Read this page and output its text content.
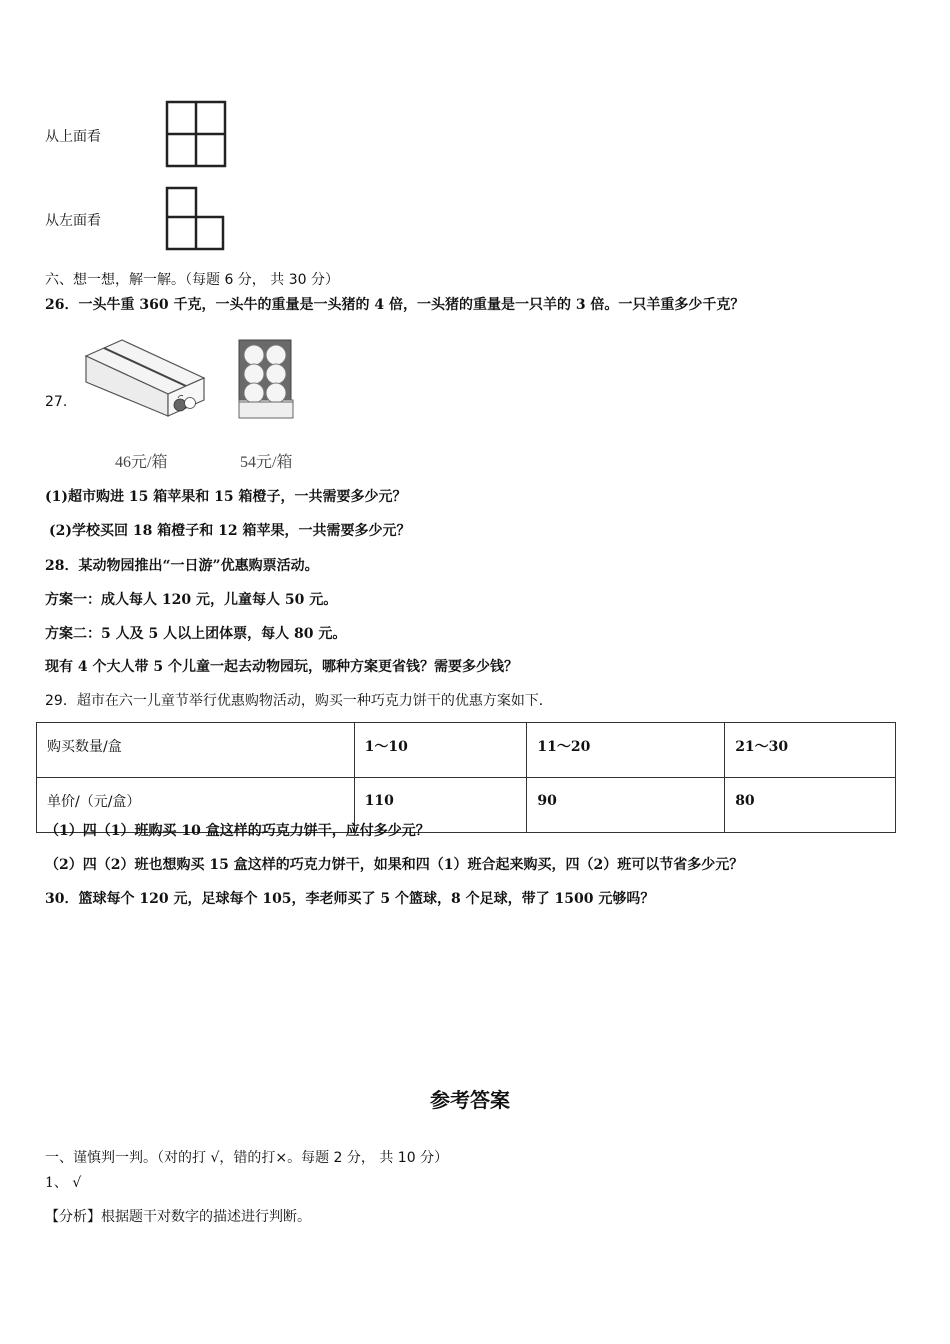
从上面看
从左面看
六、想一想，解一解。（每题 6 分， 共 30 分）
26．一头牛重 360 千克，一头牛的重量是一头猪的 4 倍，一头猪的重量是一只羊的 3 倍。一只羊重多少千克？
27.
46元/箱	54元/箱
(1)超市购进 15 箱苹果和 15 箱橙子，一共需要多少元？
(2)学校买回 18 箱橙子和 12 箱苹果，一共需要多少元？
28．某动物园推出“一日游”优惠购票活动。
方案一：成人每人 120 元，儿童每人 50 元。
方案二：5 人及 5 人以上团体票，每人 80 元。
现有 4 个大人带 5 个儿童一起去动物园玩，哪种方案更省钱？需要多少钱？
29．超市在六一儿童节举行优惠购物活动，购买一种巧克力饼干的优惠方案如下．
购买数量/盒	1～10	11～20	21～30
单价/（元/盒）	110	90	80
（1）四（1）班购买 10 盒这样的巧克力饼干，应付多少元？
（2）四（2）班也想购买 15 盒这样的巧克力饼干，如果和四（1）班合起来购买，四（2）班可以节省多少元？
30．篮球每个 120 元，足球每个 105，李老师买了 5 个篮球，8 个足球，带了 1500 元够吗？
参考答案
一、谨慎判一判。（对的打 √，错的打×。每题 2 分， 共 10 分）
1、 √
【分析】根据题干对数字的描述进行判断。
